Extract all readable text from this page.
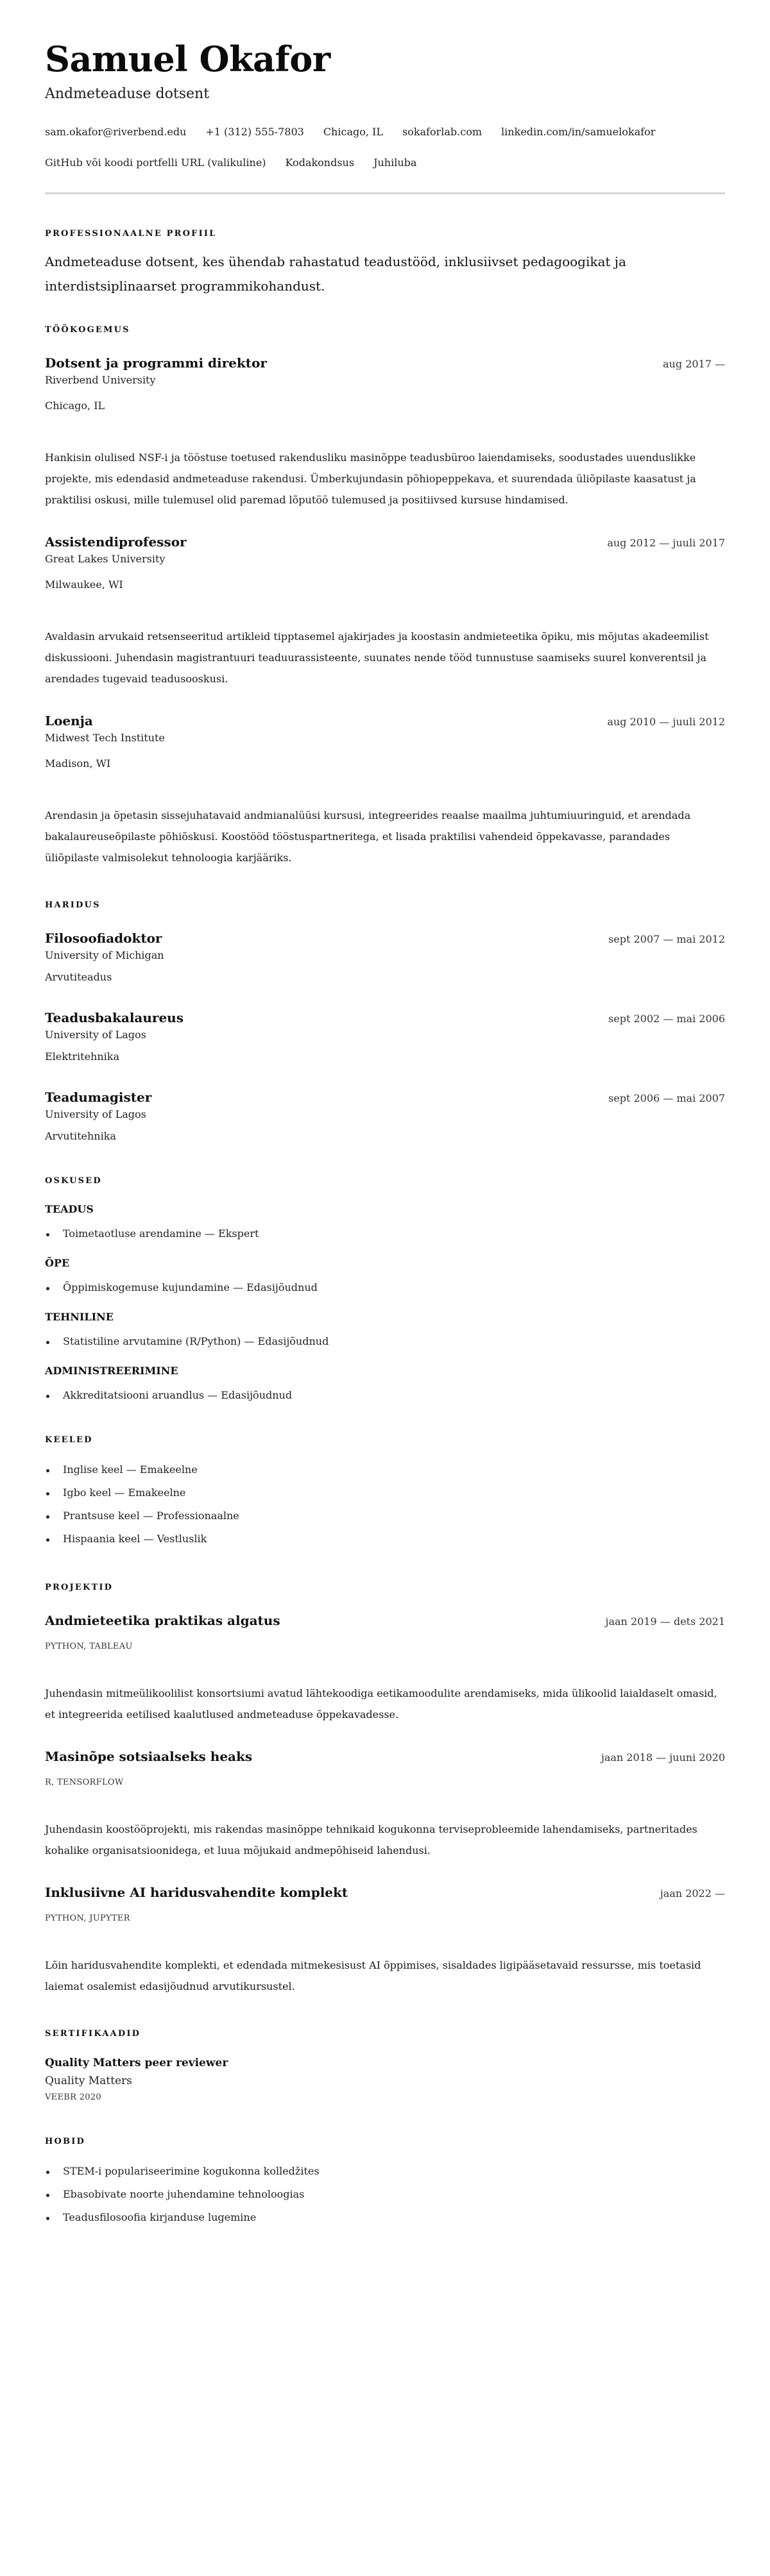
Samuel Okafor
Andmeteaduse dotsent
sam.okafor@riverbend.edu +1 (312) 555-7803 Chicago, IL sokaforlab.com linkedin.com/in/samuelokafor
GitHub või koodi portfelli URL (valikuline) Kodakondsus Juhiluba
PROFESSIONAALNE PROFIIL

Andmeteaduse dotsent, kes ühendab rahastatud teadustööd, inklusiivset pedagoogikat ja interdistsiplinaarset programmikohandust.

TÖÖKOGEMUS
Dotsent ja programmi direktor	aug 2017 —
Riverbend University
Chicago, IL

Hankisin olulised NSF-i ja tööstuse toetused rakendusliku masinõppe teadusbüroo laiendamiseks, soodustades uuenduslikke projekte, mis edendasid andmeteaduse rakendusi. Ümberkujundasin põhiopeppekava, et suurendada üliõpilaste kaasatust ja praktilisi oskusi, mille tulemusel olid paremad lõputöö tulemused ja positiivsed kursuse hindamised.

Assistendiprofessor	aug 2012 — juuli 2017
Great Lakes University
Milwaukee, WI

Avaldasin arvukaid retsenseeritud artikleid tipptasemel ajakirjades ja koostasin andmieteetika õpiku, mis mõjutas akadeemilist diskussiooni. Juhendasin magistrantuuri teaduurassisteente, suunates nende tööd tunnustuse saamiseks suurel konverentsil ja arendades tugevaid teadusooskusi.

Loenja	aug 2010 — juuli 2012
Midwest Tech Institute
Madison, WI

Arendasin ja õpetasin sissejuhatavaid andmianalüüsi kursusi, integreerides reaalse maailma juhtumiuuringuid, et arendada bakalaureuseõpilaste põhiõskusi. Koostööd tööstuspartneritega, et lisada praktilisi vahendeid õppekavasse, parandades üliõpilaste valmisolekut tehnoloogia karjääriks.

HARIDUS
Filosoofiadoktor	sept 2007 — mai 2012
University of Michigan
Arvutiteadus
Teadusbakalaureus	sept 2002 — mai 2006
University of Lagos
Elektritehnika
Teadumagister	sept 2006 — mai 2007
University of Lagos
Arvutitehnika
OSKUSED
TEADUS
Toimetaotluse arendamine — Ekspert
ÕPE
Õppimiskogemuse kujundamine — Edasijõudnud
TEHNILINE
Statistiline arvutamine (R/Python) — Edasijõudnud
ADMINISTREERIMINE
Akkreditatsiooni aruandlus — Edasijõudnud
KEELED
Inglise keel — Emakeelne
Igbo keel — Emakeelne
Prantsuse keel — Professionaalne
Hispaania keel — Vestluslik
PROJEKTID
Andmieteetika praktikas algatus	jaan 2019 — dets 2021
PYTHON, TABLEAU

Juhendasin mitmeülikoolilist konsortsiumi avatud lähtekoodiga eetikamoodulite arendamiseks, mida ülikoolid laialdaselt omasid, et integreerida eetilised kaalutlused andmeteaduse õppekavadesse.

Masinõpe sotsiaalseks heaks	jaan 2018 — juuni 2020
R, TENSORFLOW

Juhendasin koostööprojekti, mis rakendas masinõppe tehnikaid kogukonna terviseprobleemide lahendamiseks, partneritades kohalike organisatsioonidega, et luua mõjukaid andmepõhiseid lahendusi.

Inklusiivne AI haridusvahendite komplekt	jaan 2022 —
PYTHON, JUPYTER

Lõin haridusvahendite komplekti, et edendada mitmekesisust AI õppimises, sisaldades ligipääsetavaid ressursse, mis toetasid laiemat osalemist edasijõudnud arvutikursustel.

SERTIFIKAADID
Quality Matters peer reviewer
Quality Matters
VEEBR 2020
HOBID
STEM-i populariseerimine kogukonna kolledžites
Ebasobivate noorte juhendamine tehnoloogias
Teadusfilosoofia kirjanduse lugemine
